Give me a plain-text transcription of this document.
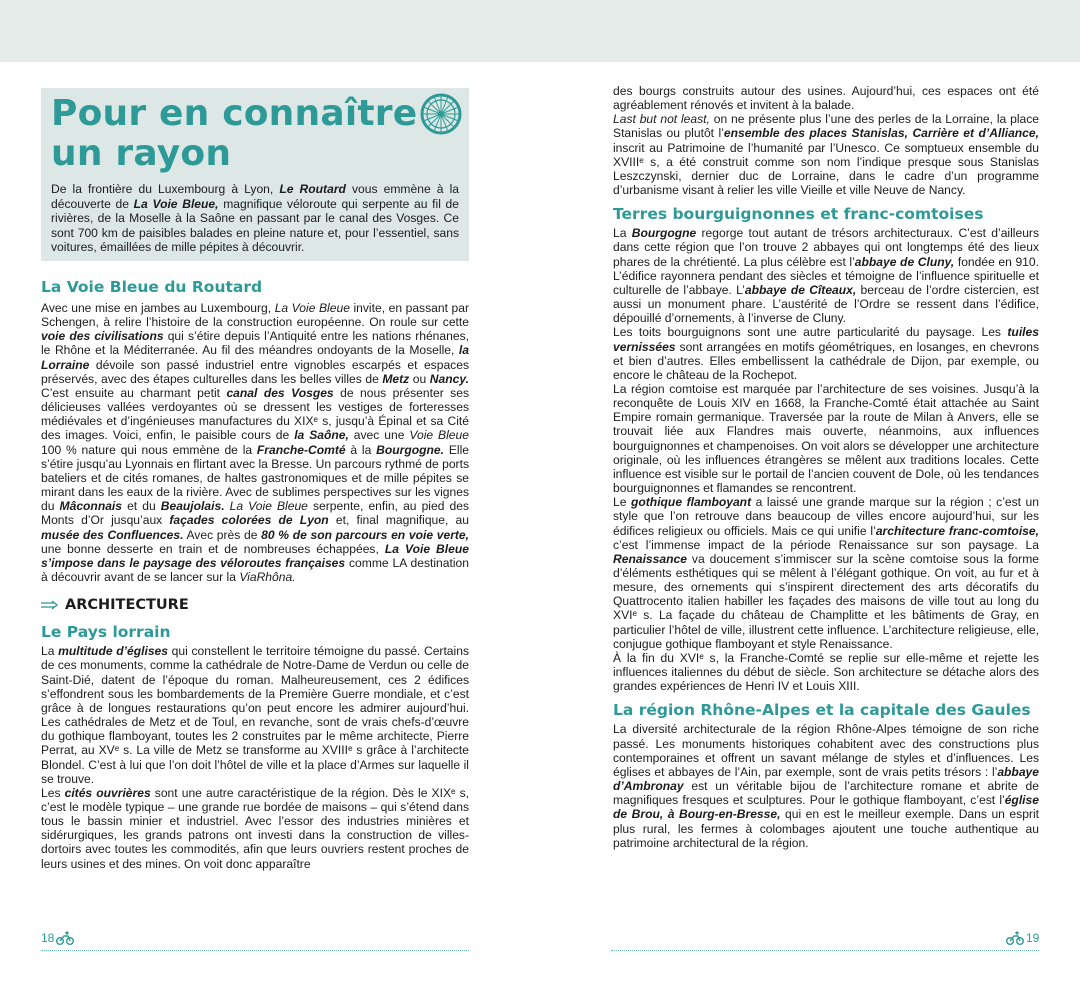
Pour en connaître
un rayon

De la frontière du Luxembourg à Lyon, Le Routard vous emmène à la découverte de La Voie Bleue, magnifique véloroute qui serpente au fil de rivières, de la Moselle à la Saône en passant par le canal des Vosges. Ce sont 700 km de paisibles balades en pleine nature et, pour l’essentiel, sans voitures, émaillées de mille pépites à découvrir.

La Voie Bleue du Routard

Avec une mise en jambes au Luxembourg, La Voie Bleue invite, en passant par Schengen, à relire l’histoire de la construction européenne. On roule sur cette voie des civilisations qui s’étire depuis l’Antiquité entre les nations rhénanes, le Rhône et la Méditerranée. Au fil des méandres ondoyants de la Moselle, la Lorraine dévoile son passé industriel entre vignobles escarpés et espaces préservés, avec des étapes culturelles dans les belles villes de Metz ou Nancy. C’est ensuite au charmant petit canal des Vosges de nous présenter ses délicieuses vallées verdoyantes où se dressent les vestiges de forteresses médiévales et d’ingénieuses manufactures du XIXᵉ s, jusqu’à Épinal et sa Cité des images. Voici, enfin, le paisible cours de la Saône, avec une Voie Bleue 100 % nature qui nous emmène de la Franche-Comté à la Bourgogne. Elle s’étire jusqu’au Lyonnais en flirtant avec la Bresse. Un parcours rythmé de ports bateliers et de cités romanes, de haltes gastronomiques et de mille pépites se mirant dans les eaux de la rivière. Avec de sublimes perspectives sur les vignes du Mâconnais et du Beaujolais. La Voie Bleue serpente, enfin, au pied des Monts d’Or jusqu’aux façades colorées de Lyon et, final magnifique, au musée des Confluences. Avec près de 80 % de son parcours en voie verte, une bonne desserte en train et de nombreuses échappées, La Voie Bleue s’impose dans le paysage des véloroutes françaises comme LA destination à découvrir avant de se lancer sur la ViaRhôna.

ARCHITECTURE
Le Pays lorrain

La multitude d’églises qui constellent le territoire témoigne du passé. Certains de ces monuments, comme la cathédrale de Notre-Dame de Verdun ou celle de Saint-Dié, datent de l’époque du roman. Malheureusement, ces 2 édifices s’effondrent sous les bombardements de la Première Guerre mondiale, et c’est grâce à de longues restaurations qu’on peut encore les admirer aujourd’hui. Les cathédrales de Metz et de Toul, en revanche, sont de vrais chefs-d’œuvre du gothique flamboyant, toutes les 2 construites par le même architecte, Pierre Perrat, au XVᵉ s. La ville de Metz se transforme au XVIIIᵉ s grâce à l’architecte Blondel. C’est à lui que l’on doit l’hôtel de ville et la place d’Armes sur laquelle il se trouve.

Les cités ouvrières sont une autre caractéristique de la région. Dès le XIXᵉ s, c’est le modèle typique – une grande rue bordée de maisons – qui s’étend dans tous le bassin minier et industriel. Avec l’essor des industries minières et sidérurgiques, les grands patrons ont investi dans la construction de villes-dortoirs avec toutes les commodités, afin que leurs ouvriers restent proches de leurs usines et des mines. On voit donc apparaître

des bourgs construits autour des usines. Aujourd’hui, ces espaces ont été agréablement rénovés et invitent à la balade.

Last but not least, on ne présente plus l’une des perles de la Lorraine, la place Stanislas ou plutôt l’ensemble des places Stanislas, Carrière et d’Alliance, inscrit au Patrimoine de l’humanité par l’Unesco. Ce somptueux ensemble du XVIIIᵉ s, a été construit comme son nom l’indique presque sous Stanislas Leszczynski, dernier duc de Lorraine, dans le cadre d’un programme d’urbanisme visant à relier les ville Vieille et ville Neuve de Nancy.

Terres bourguignonnes et franc-comtoises

La Bourgogne regorge tout autant de trésors architecturaux. C’est d’ailleurs dans cette région que l’on trouve 2 abbayes qui ont longtemps été des lieux phares de la chrétienté. La plus célèbre est l’abbaye de Cluny, fondée en 910. L’édifice rayonnera pendant des siècles et témoigne de l’influence spirituelle et culturelle de l’abbaye. L’abbaye de Cîteaux, berceau de l’ordre cistercien, est aussi un monument phare. L’austérité de l’Ordre se ressent dans l’édifice, dépouillé d’ornements, à l’inverse de Cluny.

Les toits bourguignons sont une autre particularité du paysage. Les tuiles vernissées sont arrangées en motifs géométriques, en losanges, en chevrons et bien d’autres. Elles embellissent la cathédrale de Dijon, par exemple, ou encore le château de la Rochepot.

La région comtoise est marquée par l’architecture de ses voisines. Jusqu’à la reconquête de Louis XIV en 1668, la Franche-Comté était attachée au Saint Empire romain germanique. Traversée par la route de Milan à Anvers, elle se trouvait liée aux Flandres mais ouverte, néanmoins, aux influences bourguignonnes et champenoises. On voit alors se développer une architecture originale, où les influences étrangères se mêlent aux traditions locales. Cette influence est visible sur le portail de l’ancien couvent de Dole, où les tendances bourguignonnes et flamandes se rencontrent.

Le gothique flamboyant a laissé une grande marque sur la région ; c’est un style que l’on retrouve dans beaucoup de villes encore aujourd’hui, sur les édifices religieux ou officiels. Mais ce qui unifie l’architecture franc-comtoise, c’est l’immense impact de la période Renaissance sur son paysage. La Renaissance va doucement s’immiscer sur la scène comtoise sous la forme d’éléments esthétiques qui se mêlent à l’élégant gothique. On voit, au fur et à mesure, des ornements qui s’inspirent directement des arts décoratifs du Quattrocento italien habiller les façades des maisons de ville tout au long du XVIᵉ s. La façade du château de Champlitte et les bâtiments de Gray, en particulier l’hôtel de ville, illustrent cette influence. L’architecture religieuse, elle, conjugue gothique flamboyant et style Renaissance.

À la fin du XVIᵉ s, la Franche-Comté se replie sur elle-même et rejette les influences italiennes du début de siècle. Son architecture se détache alors des grandes expériences de Henri IV et Louis XIII.

La région Rhône-Alpes et la capitale des Gaules

La diversité architecturale de la région Rhône-Alpes témoigne de son riche passé. Les monuments historiques cohabitent avec des constructions plus contemporaines et offrent un savant mélange de styles et d’influences. Les églises et abbayes de l’Ain, par exemple, sont de vrais petits trésors : l’abbaye d’Ambronay est un véritable bijou de l’architecture romane et abrite de magnifiques fresques et sculptures. Pour le gothique flamboyant, c’est l’église de Brou, à Bourg-en-Bresse, qui en est le meilleur exemple. Dans un esprit plus rural, les fermes à colombages ajoutent une touche authentique au patrimoine architectural de la région.

18	19
